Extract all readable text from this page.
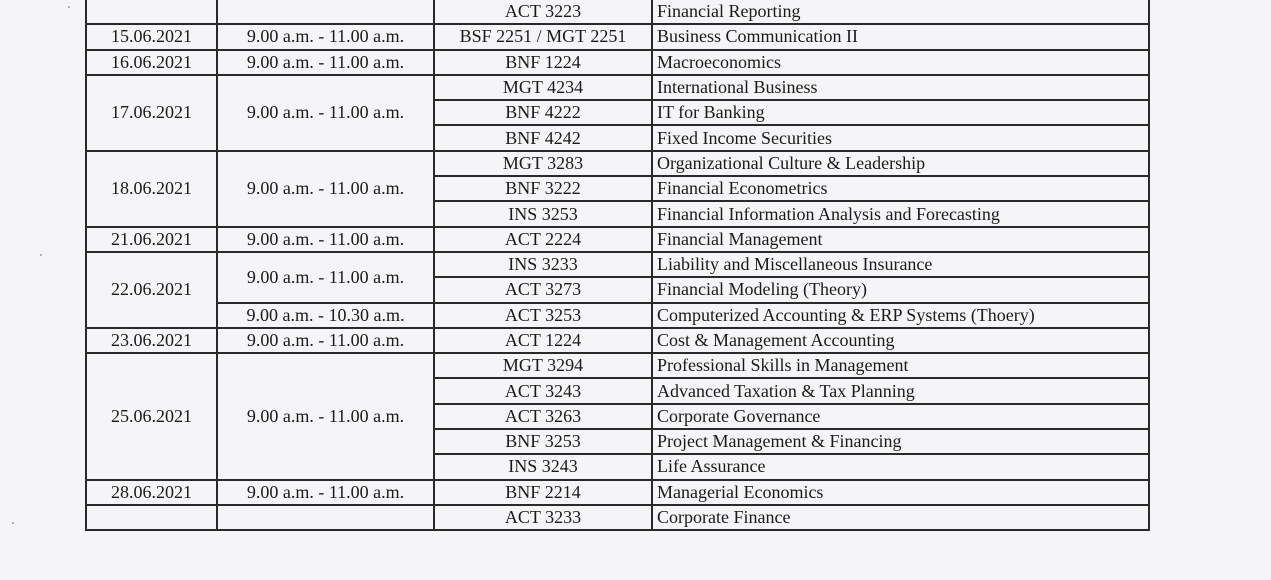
		ACT 3223	Financial Reporting
15.06.2021	9.00 a.m. - 11.00 a.m.	BSF 2251 / MGT 2251	Business Communication II
16.06.2021	9.00 a.m. - 11.00 a.m.	BNF 1224	Macroeconomics
17.06.2021	9.00 a.m. - 11.00 a.m.	MGT 4234	International Business
		BNF 4222	IT for Banking
		BNF 4242	Fixed Income Securities
18.06.2021	9.00 a.m. - 11.00 a.m.	MGT 3283	Organizational Culture & Leadership
		BNF 3222	Financial Econometrics
		INS 3253	Financial Information Analysis and Forecasting
21.06.2021	9.00 a.m. - 11.00 a.m.	ACT 2224	Financial Management
22.06.2021	9.00 a.m. - 11.00 a.m.	INS 3233	Liability and Miscellaneous Insurance
		ACT 3273	Financial Modeling (Theory)
	9.00 a.m. - 10.30 a.m.	ACT 3253	Computerized Accounting & ERP Systems (Thoery)
23.06.2021	9.00 a.m. - 11.00 a.m.	ACT 1224	Cost & Management Accounting
25.06.2021	9.00 a.m. - 11.00 a.m.	MGT 3294	Professional Skills in Management
		ACT 3243	Advanced Taxation & Tax Planning
		ACT 3263	Corporate Governance
		BNF 3253	Project Management & Financing
		INS 3243	Life Assurance
28.06.2021	9.00 a.m. - 11.00 a.m.	BNF 2214	Managerial Economics
		ACT 3233	Corporate Finance
